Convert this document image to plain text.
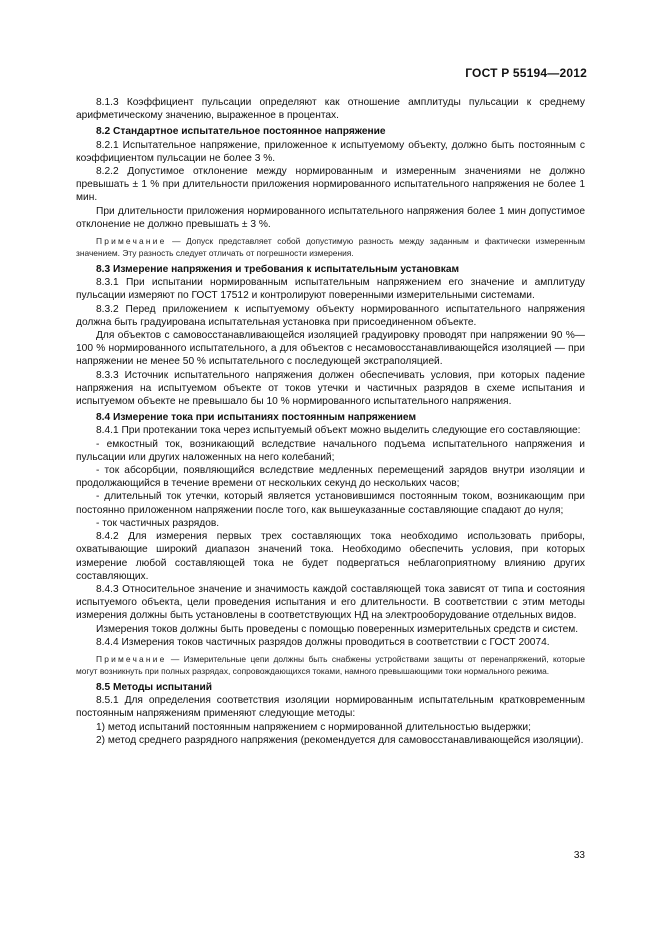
ГОСТ Р 55194—2012

8.1.3 Коэффициент пульсации определяют как отношение амплитуды пульсации к среднему арифметическому значению, выраженное в процентах.

8.2 Стандартное испытательное постоянное напряжение

8.2.1 Испытательное напряжение, приложенное к испытуемому объекту, должно быть постоянным с коэффициентом пульсации не более 3 %.

8.2.2 Допустимое отклонение между нормированным и измеренным значениями не должно превышать ± 1 % при длительности приложения нормированного испытательного напряжения не более 1 мин.

При длительности приложения нормированного испытательного напряжения более 1 мин допустимое отклонение не должно превышать ± 3 %.

Примечание — Допуск представляет собой допустимую разность между заданным и фактически измеренным значением. Эту разность следует отличать от погрешности измерения.

8.3 Измерение напряжения и требования к испытательным установкам

8.3.1 При испытании нормированным испытательным напряжением его значение и амплитуду пульсации измеряют по ГОСТ 17512 и контролируют поверенными измерительными системами.

8.3.2 Перед приложением к испытуемому объекту нормированного испытательного напряжения должна быть градуирована испытательная установка при присоединенном объекте.

Для объектов с самовосстанавливающейся изоляцией градуировку проводят при напряжении 90 %—100 % нормированного испытательного, а для объектов с несамовосстанавливающейся изоляцией — при напряжении не менее 50 % испытательного с последующей экстраполяцией.

8.3.3 Источник испытательного напряжения должен обеспечивать условия, при которых падение напряжения на испытуемом объекте от токов утечки и частичных разрядов в схеме испытания и испытуемом объекте не превышало бы 10 % нормированного испытательного напряжения.

8.4 Измерение тока при испытаниях постоянным напряжением

8.4.1 При протекании тока через испытуемый объект можно выделить следующие его составляющие:

- емкостный ток, возникающий вследствие начального подъема испытательного напряжения и пульсации или других наложенных на него колебаний;

- ток абсорбции, появляющийся вследствие медленных перемещений зарядов внутри изоляции и продолжающийся в течение времени от нескольких секунд до нескольких часов;

- длительный ток утечки, который является установившимся постоянным током, возникающим при постоянно приложенном напряжении после того, как вышеуказанные составляющие спадают до нуля;

- ток частичных разрядов.

8.4.2 Для измерения первых трех составляющих тока необходимо использовать приборы, охватывающие широкий диапазон значений тока. Необходимо обеспечить условия, при которых измерение любой составляющей тока не будет подвергаться неблагоприятному влиянию других составляющих.

8.4.3 Относительное значение и значимость каждой составляющей тока зависят от типа и состояния испытуемого объекта, цели проведения испытания и его длительности. В соответствии с этим методы измерения должны быть установлены в соответствующих НД на электрооборудование отдельных видов.

Измерения токов должны быть проведены с помощью поверенных измерительных средств и систем.

8.4.4 Измерения токов частичных разрядов должны проводиться в соответствии с ГОСТ 20074.

Примечание — Измерительные цепи должны быть снабжены устройствами защиты от перенапряжений, которые могут возникнуть при полных разрядах, сопровождающихся токами, намного превышающими токи нормального режима.

8.5 Методы испытаний

8.5.1 Для определения соответствия изоляции нормированным испытательным кратковременным постоянным напряжениям применяют следующие методы:

1) метод испытаний постоянным напряжением с нормированной длительностью выдержки;

2) метод среднего разрядного напряжения (рекомендуется для самовосстанавливающейся изоляции).

33
